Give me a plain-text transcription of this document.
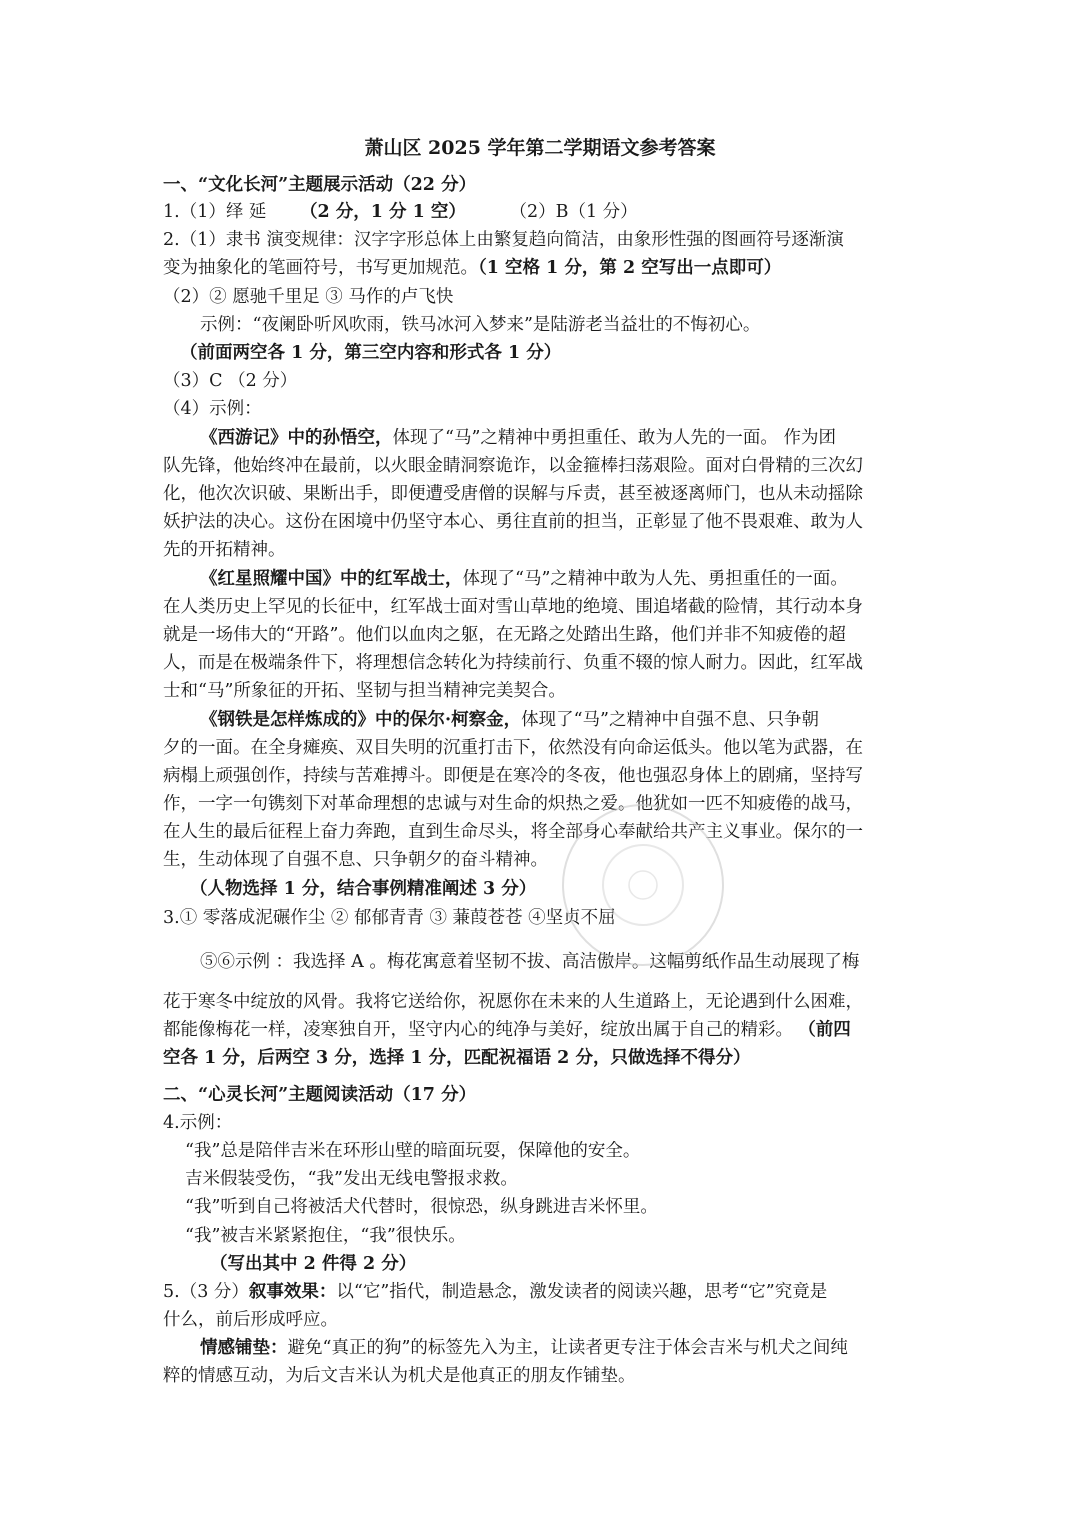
萧山区 2025 学年第二学期语文参考答案
一、“文化长河”主题展示活动（22 分）
1.（1）绎 延 （2 分，1 分 1 空） （2）B（1 分）
2.（1）隶书 演变规律：汉字字形总体上由繁复趋向简洁，由象形性强的图画符号逐渐演
变为抽象化的笔画符号，书写更加规范。（1 空格 1 分，第 2 空写出一点即可）
（2）② 愿驰千里足 ③ 马作的卢飞快
示例：“夜阑卧听风吹雨，铁马冰河入梦来”是陆游老当益壮的不悔初心。
（前面两空各 1 分，第三空内容和形式各 1 分）
（3）C （2 分）
（4）示例：
《西游记》中的孙悟空，体现了“马”之精神中勇担重任、敢为人先的一面。 作为团
队先锋，他始终冲在最前，以火眼金睛洞察诡诈，以金箍棒扫荡艰险。面对白骨精的三次幻
化，他次次识破、果断出手，即便遭受唐僧的误解与斥责，甚至被逐离师门，也从未动摇除
妖护法的决心。这份在困境中仍坚守本心、勇往直前的担当，正彰显了他不畏艰难、敢为人
先的开拓精神。
《红星照耀中国》中的红军战士，体现了“马”之精神中敢为人先、勇担重任的一面。
在人类历史上罕见的长征中，红军战士面对雪山草地的绝境、围追堵截的险情，其行动本身
就是一场伟大的“开路”。他们以血肉之躯，在无路之处踏出生路，他们并非不知疲倦的超
人，而是在极端条件下，将理想信念转化为持续前行、负重不辍的惊人耐力。因此，红军战
士和“马”所象征的开拓、坚韧与担当精神完美契合。
《钢铁是怎样炼成的》中的保尔·柯察金，体现了“马”之精神中自强不息、只争朝
夕的一面。在全身瘫痪、双目失明的沉重打击下，依然没有向命运低头。他以笔为武器，在
病榻上顽强创作，持续与苦难搏斗。即便是在寒冷的冬夜，他也强忍身体上的剧痛，坚持写
作，一字一句镌刻下对革命理想的忠诚与对生命的炽热之爱。他犹如一匹不知疲倦的战马，
在人生的最后征程上奋力奔跑，直到生命尽头，将全部身心奉献给共产主义事业。保尔的一
生，生动体现了自强不息、只争朝夕的奋斗精神。
（人物选择 1 分，结合事例精准阐述 3 分）
3.① 零落成泥碾作尘 ② 郁郁青青 ③ 蒹葭苍苍 ④坚贞不屈
⑤⑥示例 ：我选择 A 。梅花寓意着坚韧不拔、高洁傲岸。这幅剪纸作品生动展现了梅
花于寒冬中绽放的风骨。我将它送给你，祝愿你在未来的人生道路上，无论遇到什么困难，
都能像梅花一样，凌寒独自开，坚守内心的纯净与美好，绽放出属于自己的精彩。 （前四
空各 1 分，后两空 3 分，选择 1 分，匹配祝福语 2 分，只做选择不得分）
二、“心灵长河”主题阅读活动（17 分）
4.示例：
“我”总是陪伴吉米在环形山壁的暗面玩耍，保障他的安全。
吉米假装受伤，“我”发出无线电警报求救。
“我”听到自己将被活犬代替时，很惊恐，纵身跳进吉米怀里。
“我”被吉米紧紧抱住，“我”很快乐。
（写出其中 2 件得 2 分）
5.（3 分）叙事效果：以“它”指代，制造悬念，激发读者的阅读兴趣，思考“它”究竟是
什么，前后形成呼应。
情感铺垫：避免“真正的狗”的标签先入为主，让读者更专注于体会吉米与机犬之间纯
粹的情感互动，为后文吉米认为机犬是他真正的朋友作铺垫。
